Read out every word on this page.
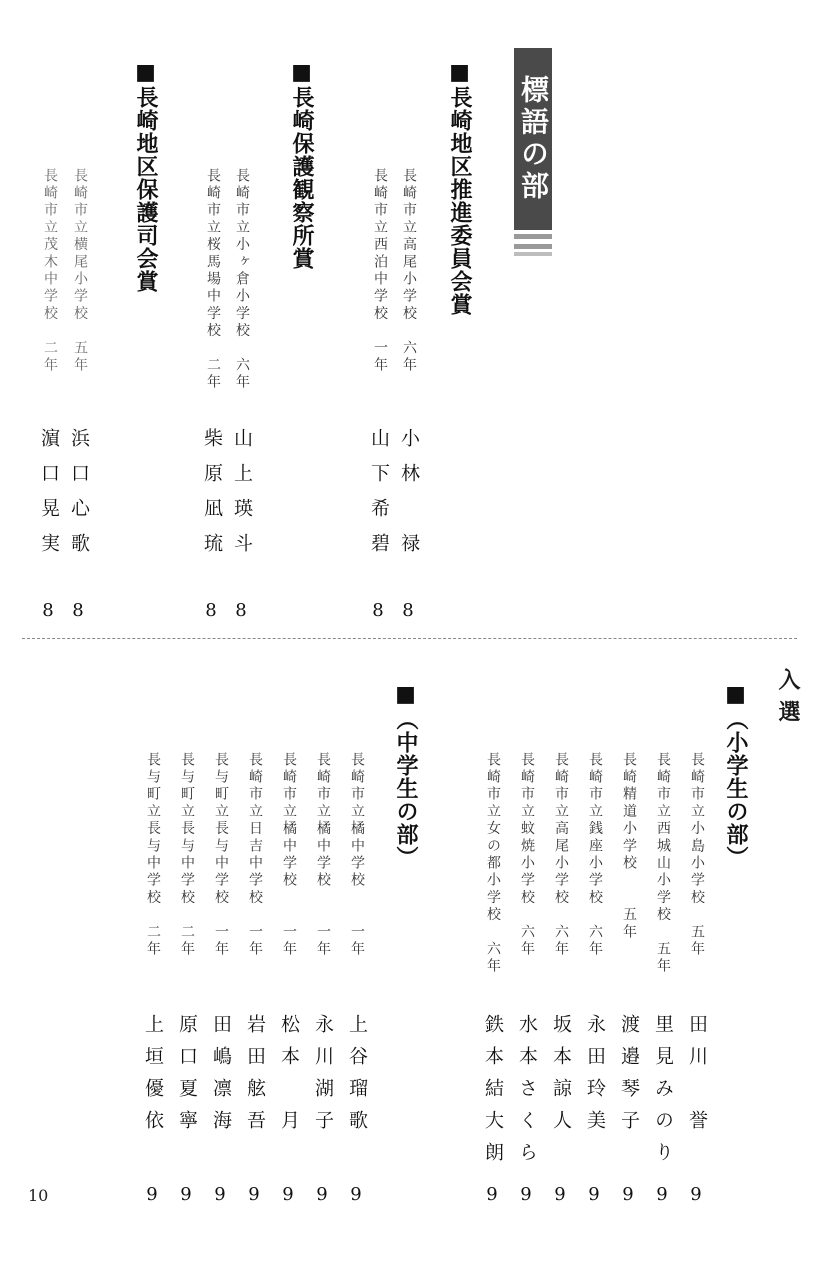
標語の部
■長崎地区推進委員会賞
長崎市立高尾小学校　六年
小林　禄
8
長崎市立西泊中学校　一年
山下希碧
8
■長崎保護観察所賞
長崎市立小ヶ倉小学校　六年
山上瑛斗
8
長崎市立桜馬場中学校　二年
柴原凪琉
8
■長崎地区保護司会賞
長崎市立横尾小学校　五年
浜口心歌
8
長崎市立茂木中学校　二年
濵口晃実
8
入選
■（小学生の部）
長崎市立小島小学校　五年
田川　誉
9
長崎市立西城山小学校　五年
里見みのり
9
長崎精道小学校　　五年
渡邉琴子
9
長崎市立銭座小学校　六年
永田玲美
9
長崎市立高尾小学校　六年
坂本諒人
9
長崎市立蚊焼小学校　六年
水本さくら
9
長崎市立女の都小学校　六年
鉄本結大朗
9
■（中学生の部）
長崎市立橘中学校　　一年
上谷瑠歌
9
長崎市立橘中学校　　一年
永川湖子
9
長崎市立橘中学校　　一年
松本　月
9
長崎市立日吉中学校　一年
岩田舷吾
9
長与町立長与中学校　一年
田嶋凛海
9
長与町立長与中学校　二年
原口夏寧
9
長与町立長与中学校　二年
上垣優依
9
10
